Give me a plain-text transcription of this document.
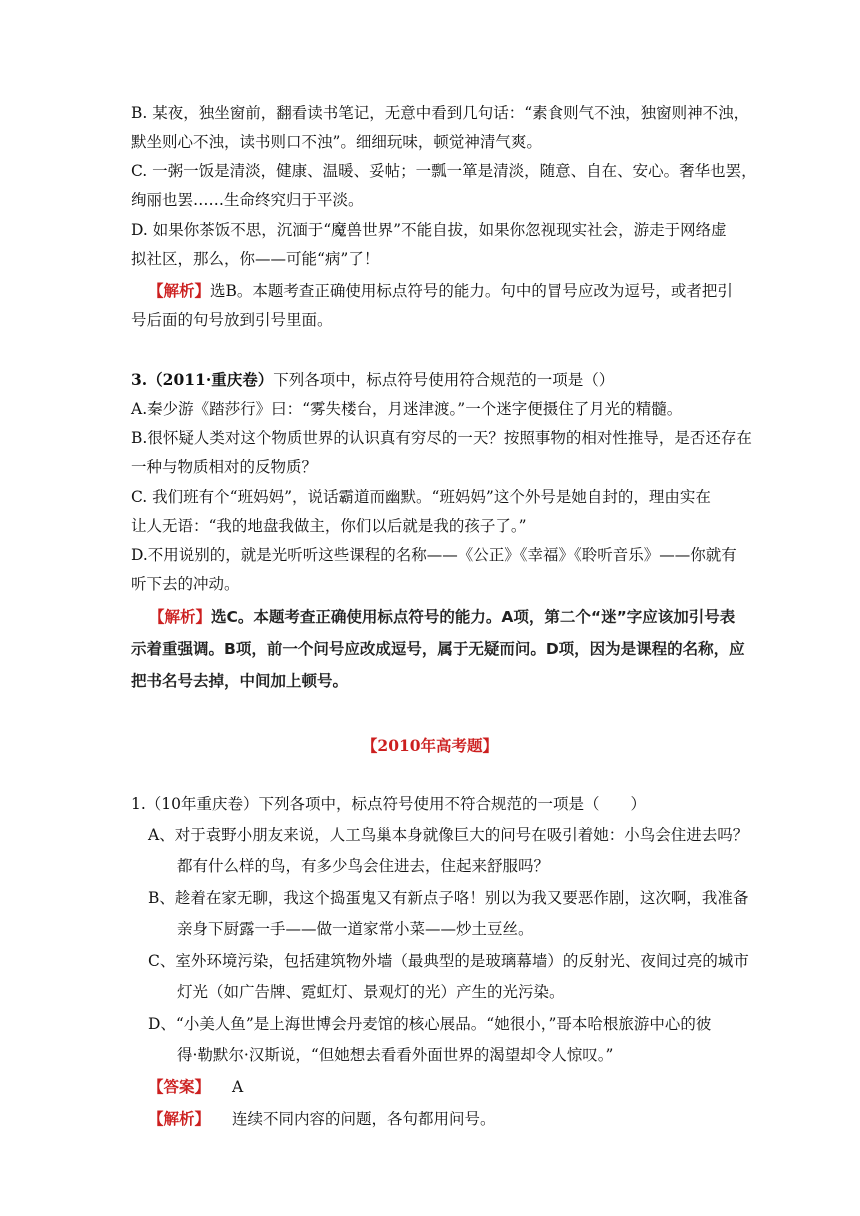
B. 某夜，独坐窗前，翻看读书笔记，无意中看到几句话：“素食则气不浊，独窗则神不浊，
默坐则心不浊，读书则口不浊”。细细玩味，顿觉神清气爽。
C. 一粥一饭是清淡，健康、温暖、妥帖；一瓢一箪是清淡，随意、自在、安心。奢华也罢，
绚丽也罢……生命终究归于平淡。
D. 如果你茶饭不思，沉湎于“魔兽世界”不能自拔，如果你忽视现实社会，游走于网络虚
拟社区，那么，你——可能“病”了！
【解析】选B。本题考查正确使用标点符号的能力。句中的冒号应改为逗号，或者把引
号后面的句号放到引号里面。
3.（2011·重庆卷）下列各项中，标点符号使用符合规范的一项是（）
A.秦少游《踏莎行》曰：“雾失楼台，月迷津渡。”一个迷字便摄住了月光的精髓。
B.很怀疑人类对这个物质世界的认识真有穷尽的一天？按照事物的相对性推导，是否还存在
一种与物质相对的反物质？
C. 我们班有个“班妈妈”，说话霸道而幽默。“班妈妈”这个外号是她自封的，理由实在
让人无语：“我的地盘我做主，你们以后就是我的孩子了。”
D.不用说别的，就是光听听这些课程的名称——《公正》《幸福》《聆听音乐》——你就有
听下去的冲动。
【解析】选C。本题考查正确使用标点符号的能力。A项，第二个“迷”字应该加引号表
示着重强调。B项，前一个问号应改成逗号，属于无疑而问。D项，因为是课程的名称，应
把书名号去掉，中间加上顿号。
【2010年高考题】
1.（10年重庆卷）下列各项中，标点符号使用不符合规范的一项是（　　）
A、对于袁野小朋友来说，人工鸟巢本身就像巨大的问号在吸引着她：小鸟会住进去吗？
都有什么样的鸟，有多少鸟会住进去，住起来舒服吗？
B、趁着在家无聊，我这个捣蛋鬼又有新点子咯！别以为我又要恶作剧，这次啊，我准备
亲身下厨露一手——做一道家常小菜——炒土豆丝。
C、室外环境污染，包括建筑物外墙（最典型的是玻璃幕墙）的反射光、夜间过亮的城市
灯光（如广告牌、霓虹灯、景观灯的光）产生的光污染。
D、“小美人鱼”是上海世博会丹麦馆的核心展品。“她很小，”哥本哈根旅游中心的彼
得·勒默尔·汉斯说，“但她想去看看外面世界的渴望却令人惊叹。”
【答案】 A
【解析】 连续不同内容的问题，各句都用问号。
